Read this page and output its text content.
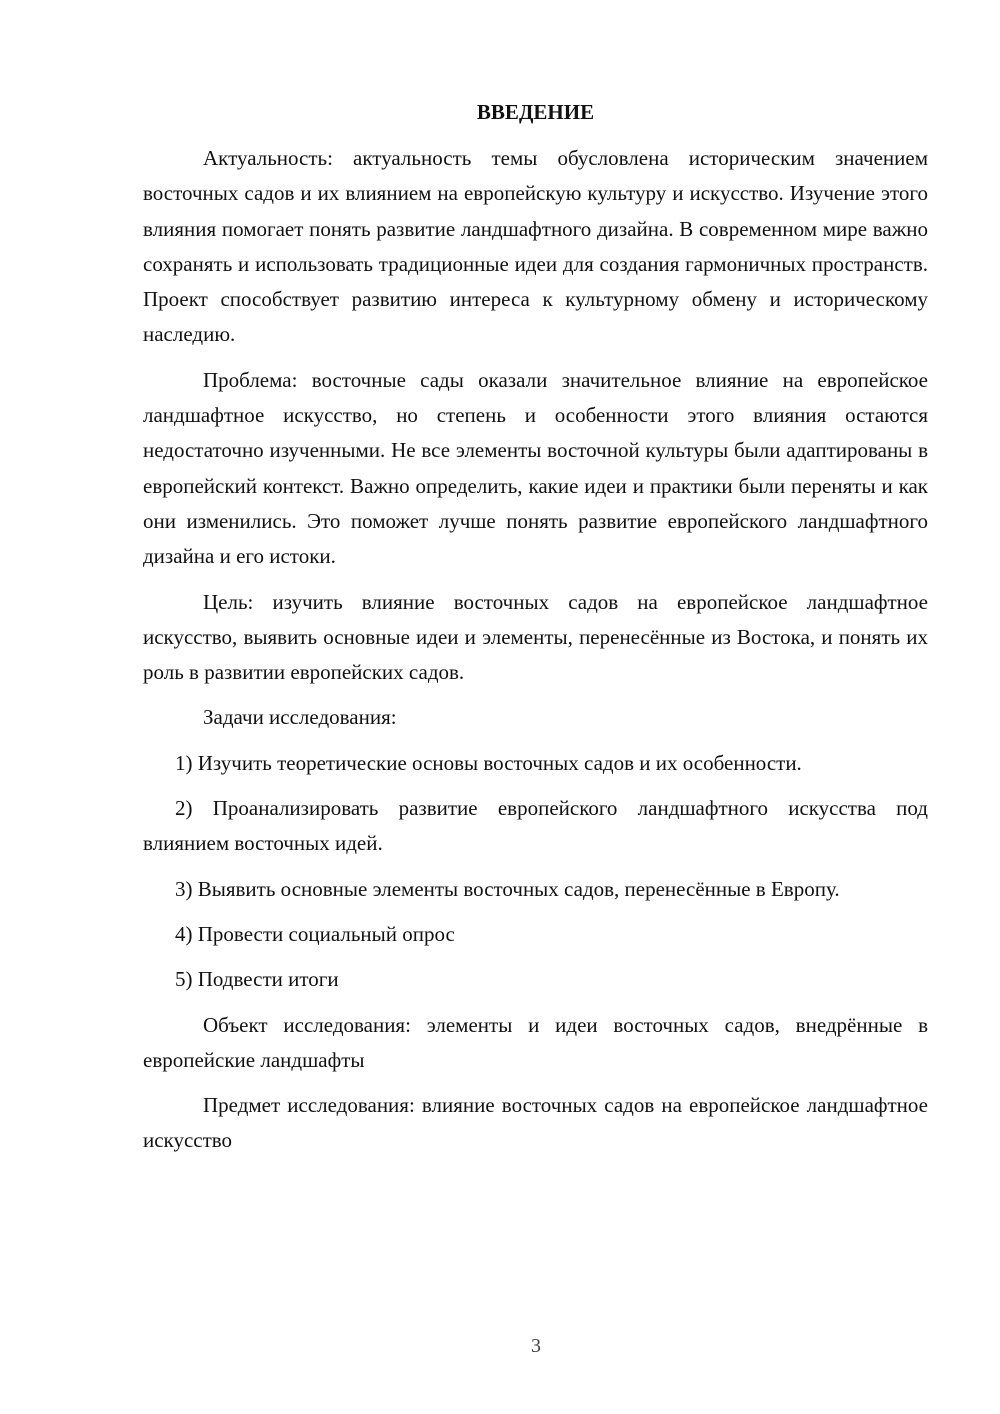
ВВЕДЕНИЕ

Актуальность: актуальность темы обусловлена историческим значением восточных садов и их влиянием на европейскую культуру и искусство. Изучение этого влияния помогает понять развитие ландшафтного дизайна. В современном мире важно сохранять и использовать традиционные идеи для создания гармоничных пространств. Проект способствует развитию интереса к культурному обмену и историческому наследию.

Проблема: восточные сады оказали значительное влияние на европейское ландшафтное искусство, но степень и особенности этого влияния остаются недостаточно изученными. Не все элементы восточной культуры были адаптированы в европейский контекст. Важно определить, какие идеи и практики были переняты и как они изменились. Это поможет лучше понять развитие европейского ландшафтного дизайна и его истоки.

Цель: изучить влияние восточных садов на европейское ландшафтное искусство, выявить основные идеи и элементы, перенесённые из Востока, и понять их роль в развитии европейских садов.

Задачи исследования:

1) Изучить теоретические основы восточных садов и их особенности.

2) Проанализировать развитие европейского ландшафтного искусства под влиянием восточных идей.

3) Выявить основные элементы восточных садов, перенесённые в Европу.

4) Провести социальный опрос

5) Подвести итоги

Объект исследования: элементы и идеи восточных садов, внедрённые в европейские ландшафты

Предмет исследования: влияние восточных садов на европейское ландшафтное искусство

3
